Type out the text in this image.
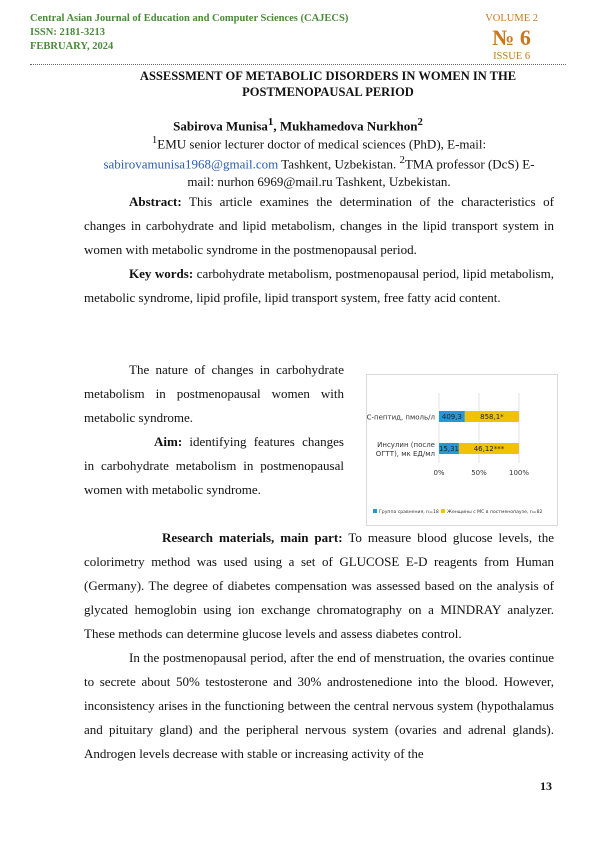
Central Asian Journal of Education and Computer Sciences (CAJECS)
ISSN: 2181-3213
FEBRUARY, 2024
VOLUME 2
№ 6
ISSUE 6
ASSESSMENT OF METABOLIC DISORDERS IN WOMEN IN THE
POSTMENOPAUSAL PERIOD
Sabirova Munisa$^1$, Mukhamedova Nurkhon$^2$
$^1$EMU senior lecturer doctor of medical sciences (PhD), E-mail:
sabirovamunisa1968@gmail.com Tashkent, Uzbekistan. $^2$TMA professor (DcS) E-
mail: nurhon 6969@mail.ru Tashkent, Uzbekistan.
Abstract: This article examines the determination of the characteristics of changes in carbohydrate and lipid metabolism, changes in the lipid transport system in women with metabolic syndrome in the postmenopausal period.
Key words: carbohydrate metabolism, postmenopausal period, lipid metabolism, metabolic syndrome, lipid profile, lipid transport system, free fatty acid content.
The nature of changes in carbohydrate metabolism in postmenopausal women with metabolic syndrome.
Aim: identifying features changes in carbohydrate metabolism in postmenopausal women with metabolic syndrome.
С-пептид, пмоль/л
Инсулин (после
ОГТТ), мк ЕД/мл
409,3	858,1*
15,31 46,12***
0%	50%	100%
Группа сравнения, n=18 Женщины с МС в постменопаузе, n=82
Research materials, main part: To measure blood glucose levels, the colorimetry method was used using a set of GLUCOSE E-D reagents from Human (Germany). The degree of diabetes compensation was assessed based on the analysis of glycated hemoglobin using ion exchange chromatography on a MINDRAY analyzer. These methods can determine glucose levels and assess diabetes control.
In the postmenopausal period, after the end of menstruation, the ovaries continue to secrete about 50% testosterone and 30% androstenedione into the blood. However, inconsistency arises in the functioning between the central nervous system (hypothalamus and pituitary gland) and the peripheral nervous system (ovaries and adrenal glands). Androgen levels decrease with stable or increasing activity of the
13
